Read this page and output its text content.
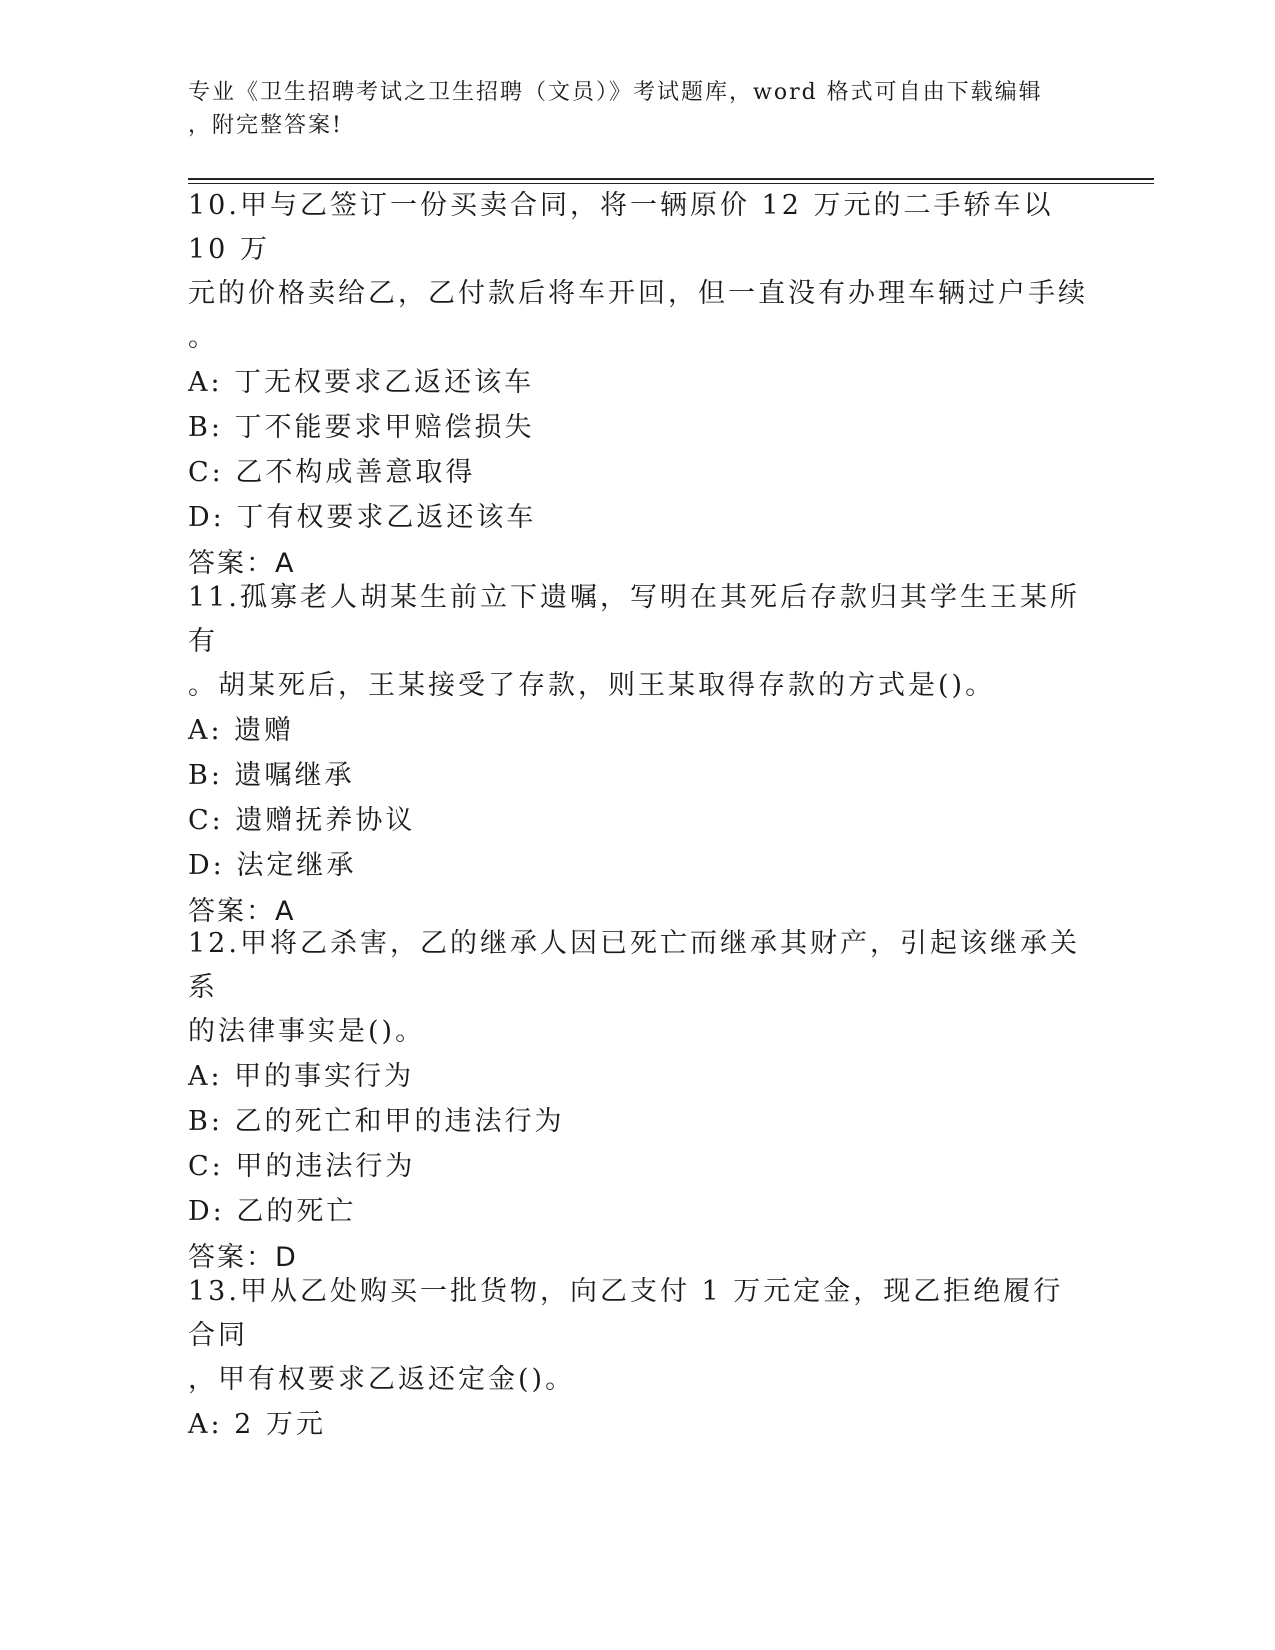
专业《卫生招聘考试之卫生招聘（文员）》考试题库，word 格式可自由下载编辑
，附完整答案!
10.甲与乙签订一份买卖合同，将一辆原价 12 万元的二手轿车以 10 万
元的价格卖给乙，乙付款后将车开回，但一直没有办理车辆过户手续
。
A: 丁无权要求乙返还该车
B: 丁不能要求甲赔偿损失
C: 乙不构成善意取得
D: 丁有权要求乙返还该车
答案：A
11.孤寡老人胡某生前立下遗嘱，写明在其死后存款归其学生王某所有
。胡某死后，王某接受了存款，则王某取得存款的方式是()。
A: 遗赠
B: 遗嘱继承
C: 遗赠抚养协议
D: 法定继承
答案：A
12.甲将乙杀害，乙的继承人因已死亡而继承其财产，引起该继承关系
的法律事实是()。
A: 甲的事实行为
B: 乙的死亡和甲的违法行为
C: 甲的违法行为
D: 乙的死亡
答案：D
13.甲从乙处购买一批货物，向乙支付 1 万元定金，现乙拒绝履行合同
，甲有权要求乙返还定金()。
A: 2 万元
